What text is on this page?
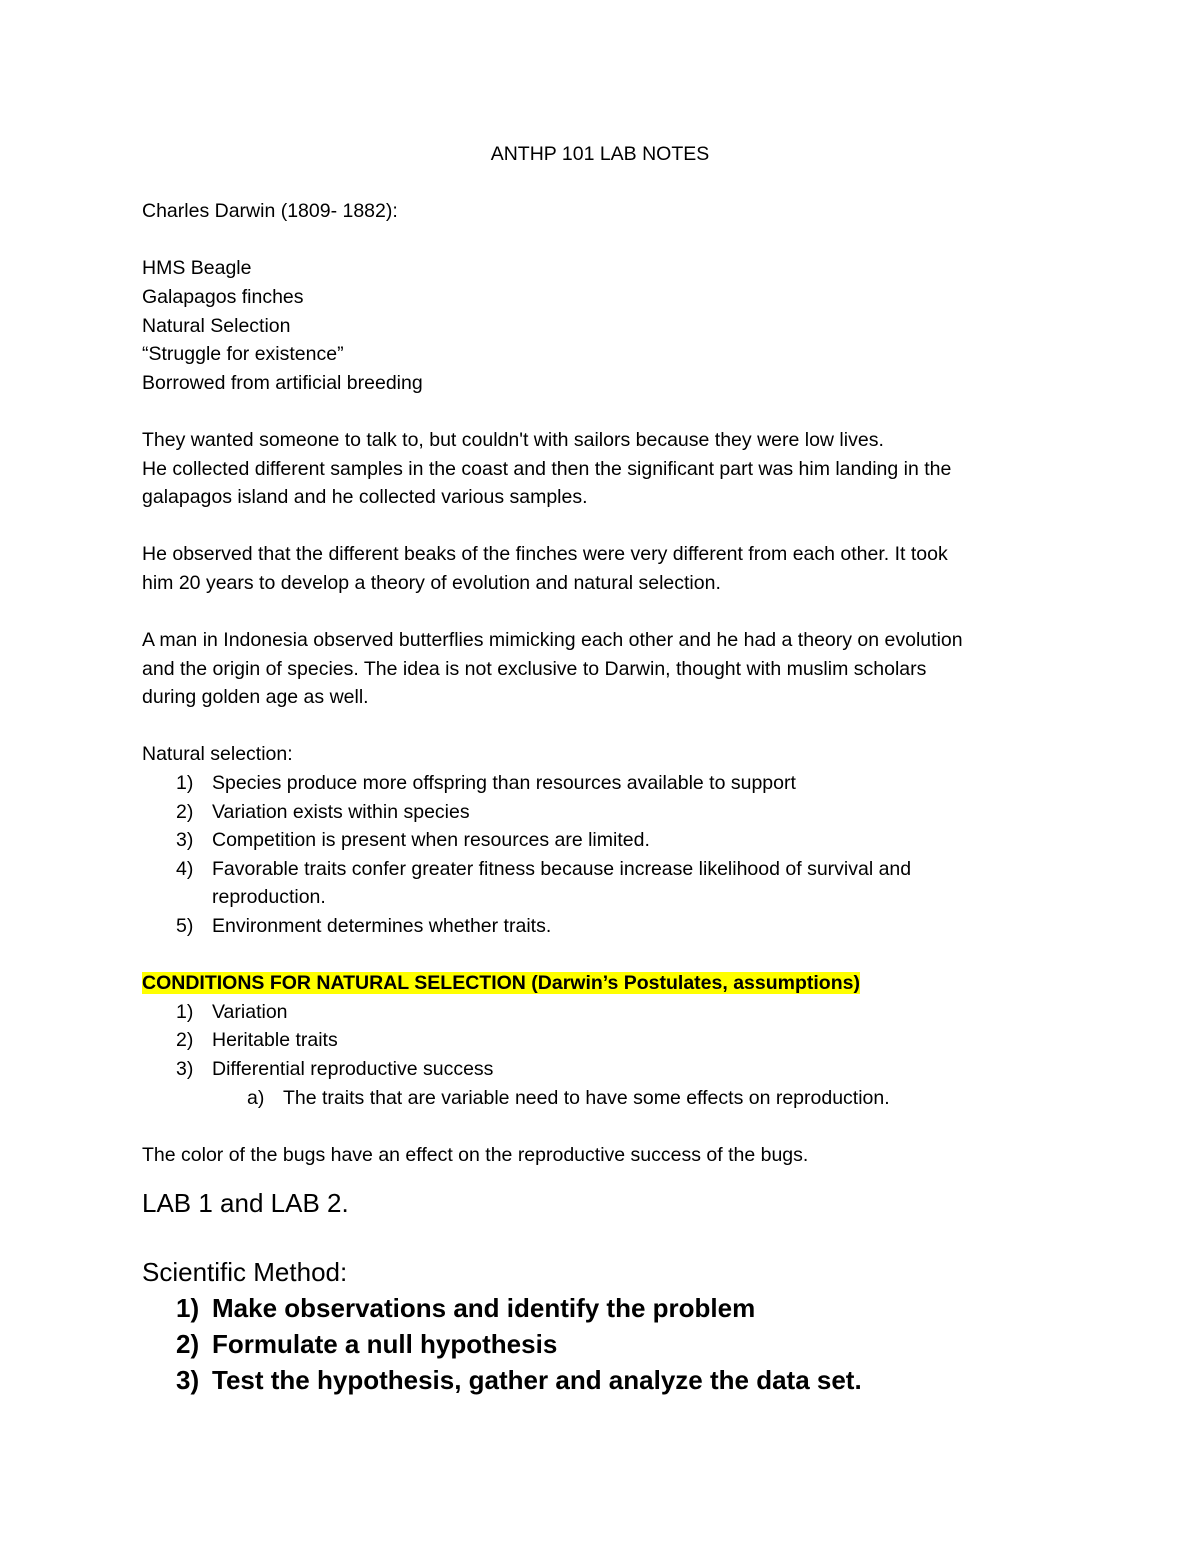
ANTHP 101 LAB NOTES

Charles Darwin (1809- 1882):

HMS Beagle

Galapagos finches

Natural Selection

“Struggle for existence”

Borrowed from artificial breeding

They wanted someone to talk to, but couldn't with sailors because they were low lives.

He collected different samples in the coast and then the significant part was him landing in the

galapagos island and he collected various samples.

He observed that the different beaks of the finches were very different from each other. It took

him 20 years to develop a theory of evolution and natural selection.

A man in Indonesia observed butterflies mimicking each other and he had a theory on evolution

and the origin of species. The idea is not exclusive to Darwin, thought with muslim scholars

during golden age as well.

Natural selection:

1) Species produce more offspring than resources available to support
2) Variation exists within species
3) Competition is present when resources are limited.
4) Favorable traits confer greater fitness because increase likelihood of survival and
reproduction.
5) Environment determines whether traits.

CONDITIONS FOR NATURAL SELECTION (Darwin’s Postulates, assumptions)

1) Variation
2) Heritable traits
3) Differential reproductive success
a) The traits that are variable need to have some effects on reproduction.

The color of the bugs have an effect on the reproductive success of the bugs.

LAB 1 and LAB 2.

Scientific Method:

1) Make observations and identify the problem
2) Formulate a null hypothesis
3) Test the hypothesis, gather and analyze the data set.
